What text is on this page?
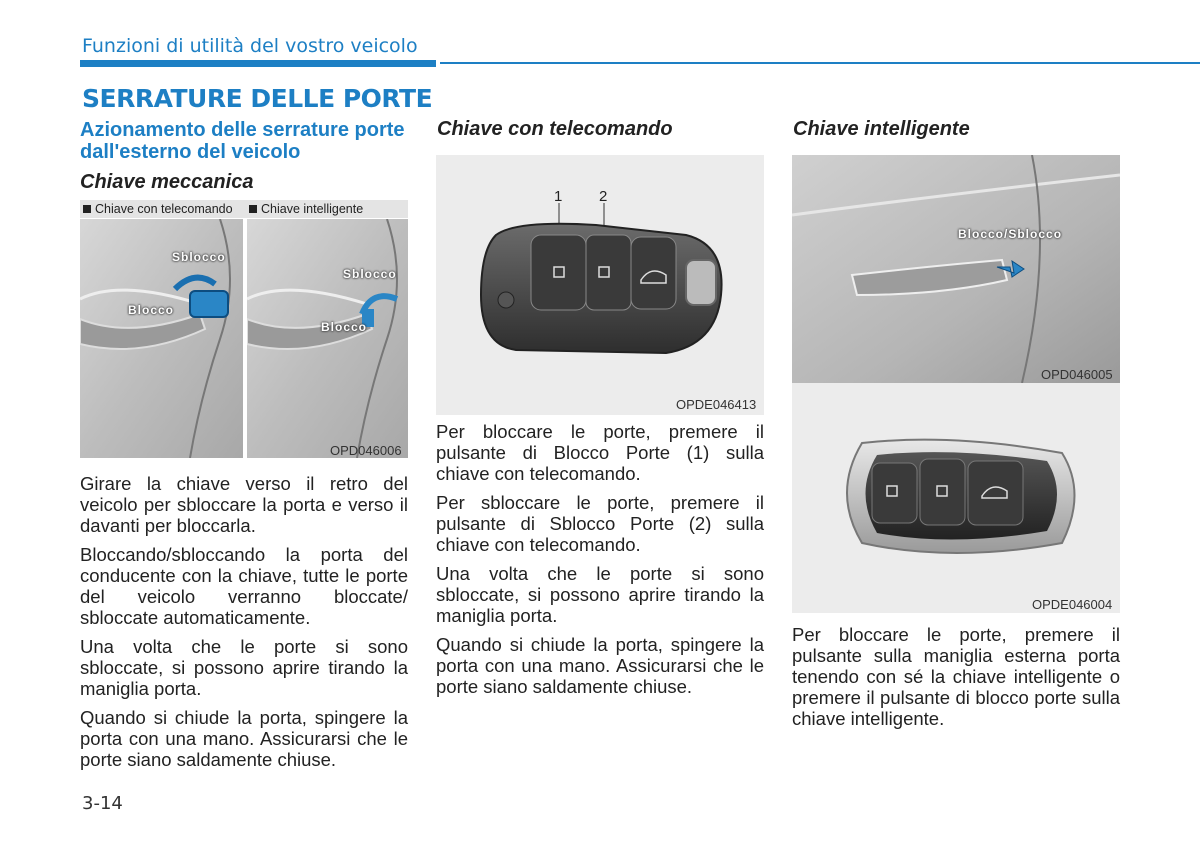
Funzioni di utilità del vostro veicolo
SERRATURE DELLE PORTE
Azionamento delle serrature porte dall'esterno del veicolo
Chiave meccanica
Chiave con telecomando	Chiave intelligente
Sblocco
Blocco
Sblocco
Blocco
OPD046006

Girare la chiave verso il retro del veicolo per sbloccare la porta e verso il davanti per bloccarla.

Bloccando/sbloccando la porta del conducente con la chiave, tutte le porte del veicolo verranno bloccate/ sbloccate automaticamente.

Una volta che le porte si sono sbloccate, si possono aprire tirando la maniglia porta.

Quando si chiude la porta, spingere la porta con una mano. Assicurarsi che le porte siano saldamente chiuse.

Chiave con telecomando
1 2
OPDE046413

Per bloccare le porte, premere il pulsante di Blocco Porte (1) sulla chiave con telecomando.

Per sbloccare le porte, premere il pulsante di Sblocco Porte (2) sulla chiave con telecomando.

Una volta che le porte si sono sbloccate, si possono aprire tirando la maniglia porta.

Quando si chiude la porta, spingere la porta con una mano. Assicurarsi che le porte siano saldamente chiuse.

Chiave intelligente
Blocco/Sblocco
OPD046005
OPDE046004

Per bloccare le porte, premere il pulsante sulla maniglia esterna porta tenendo con sé la chiave intelligente o premere il pulsante di blocco porte sulla chiave intelligente.

3-14
